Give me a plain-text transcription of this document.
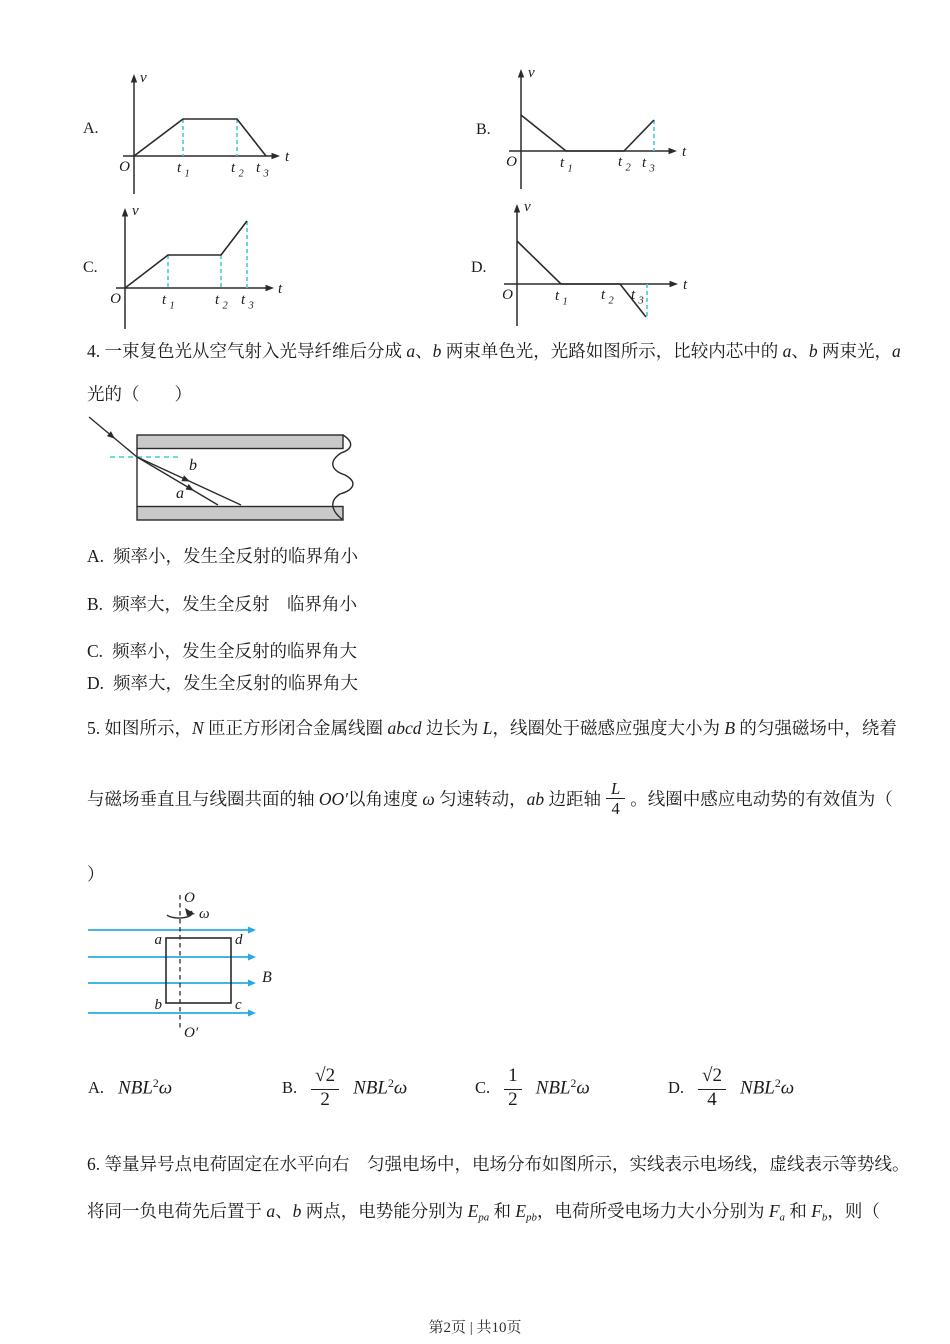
A.
O
v
t
t 1	t 2 t 3
B.
O
v
t
t 1	t 2 t 3
C.
O
v
t
t 1	t 2 t 3
D.
O
v
t
t 1 t 2 t 3

4. 一束复色光从空气射入光导纤维后分成 a、b 两束单色光，光路如图所示，比较内芯中的 a、b 两束光，a

光的（　　）

b
a

A. 频率小，发生全反射的临界角小

B. 频率大，发生全反射　临界角小

C. 频率小，发生全反射的临界角大

D. 频率大，发生全反射的临界角大

5. 如图所示，N 匝正方形闭合金属线圈 abcd 边长为 L，线圈处于磁感应强度大小为 B 的匀强磁场中，绕着

与磁场垂直且与线圈共面的轴 OO′以角速度 ω 匀速转动，ab 边距轴 $\frac{L}{4}$ 。线圈中感应电动势的有效值为（

）

O
ω
a	d
b	c
B
O′
A. NBL$^2$ω	B. $\frac{√2}{2} NBL^2\omega$	C. $\frac{1}{2} NBL^2\omega$	D. $\frac{√2}{4} NBL^2\omega$

6. 等量异号点电荷固定在水平向右　匀强电场中，电场分布如图所示，实线表示电场线，虚线表示等势线。

将同一负电荷先后置于 a、b 两点，电势能分别为 Epa 和 Epb，电荷所受电场力大小分别为 Fa 和 Fb，则（

第2页 | 共10页
